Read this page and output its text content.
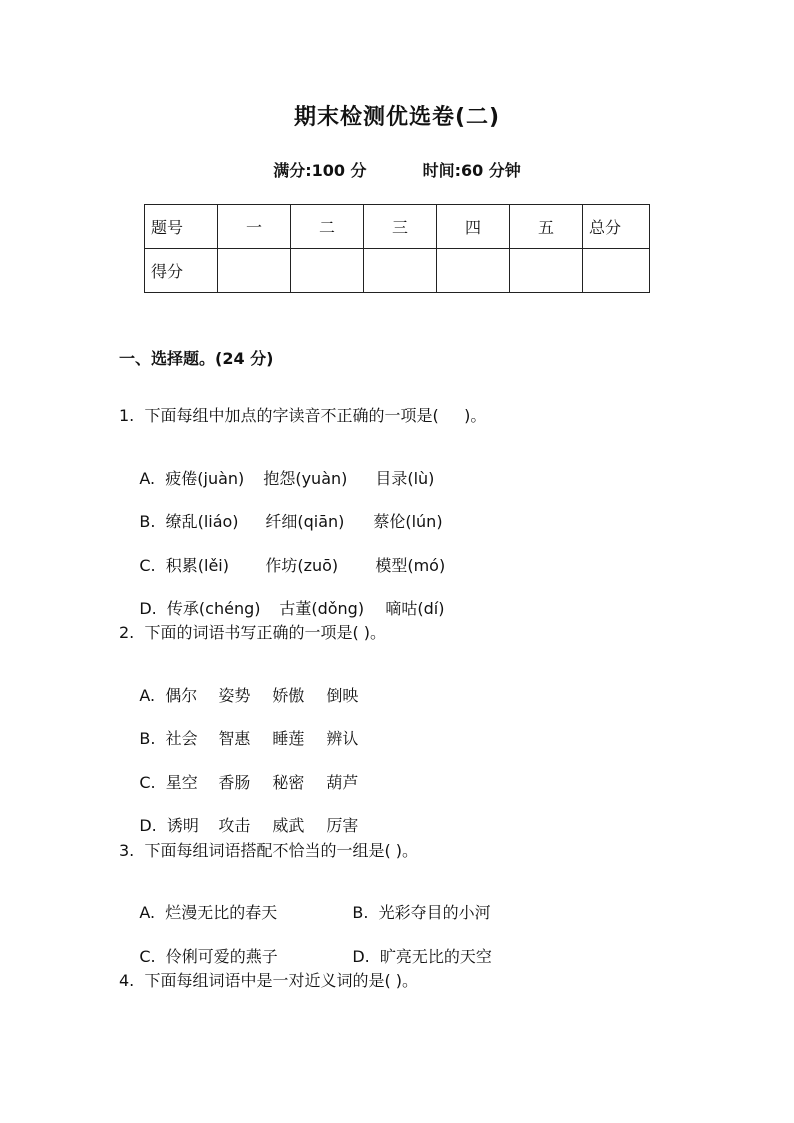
期末检测优选卷(二)
满分:100 分	时间:60 分钟
题号	一	二	三	四	五	总分
得分						
一、选择题。(24 分)
1.  下面每组中加点的字读音不正确的一项是(     )。

A.  疲倦(juàn) 抱怨(yuàn) 目录(lù)

B.  缭乱(liáo) 纤细(qiān) 蔡伦(lún)

C.  积累(lěi) 作坊(zuō) 模型(mó)

D.  传承(chéng) 古董(dǒng) 嘀咕(dí)

2.  下面的词语书写正确的一项是( )。

A.  偶尔 姿势 娇傲 倒映

B.  社会 智惠 睡莲 辨认

C.  星空 香肠 秘密 葫芦

D.  诱明 攻击 威武 厉害

3.  下面每组词语搭配不恰当的一组是( )。

A.  烂漫无比的春天	B.  光彩夺目的小河

C.  伶俐可爱的燕子	D.  旷亮无比的天空

4.  下面每组词语中是一对近义词的是( )。
